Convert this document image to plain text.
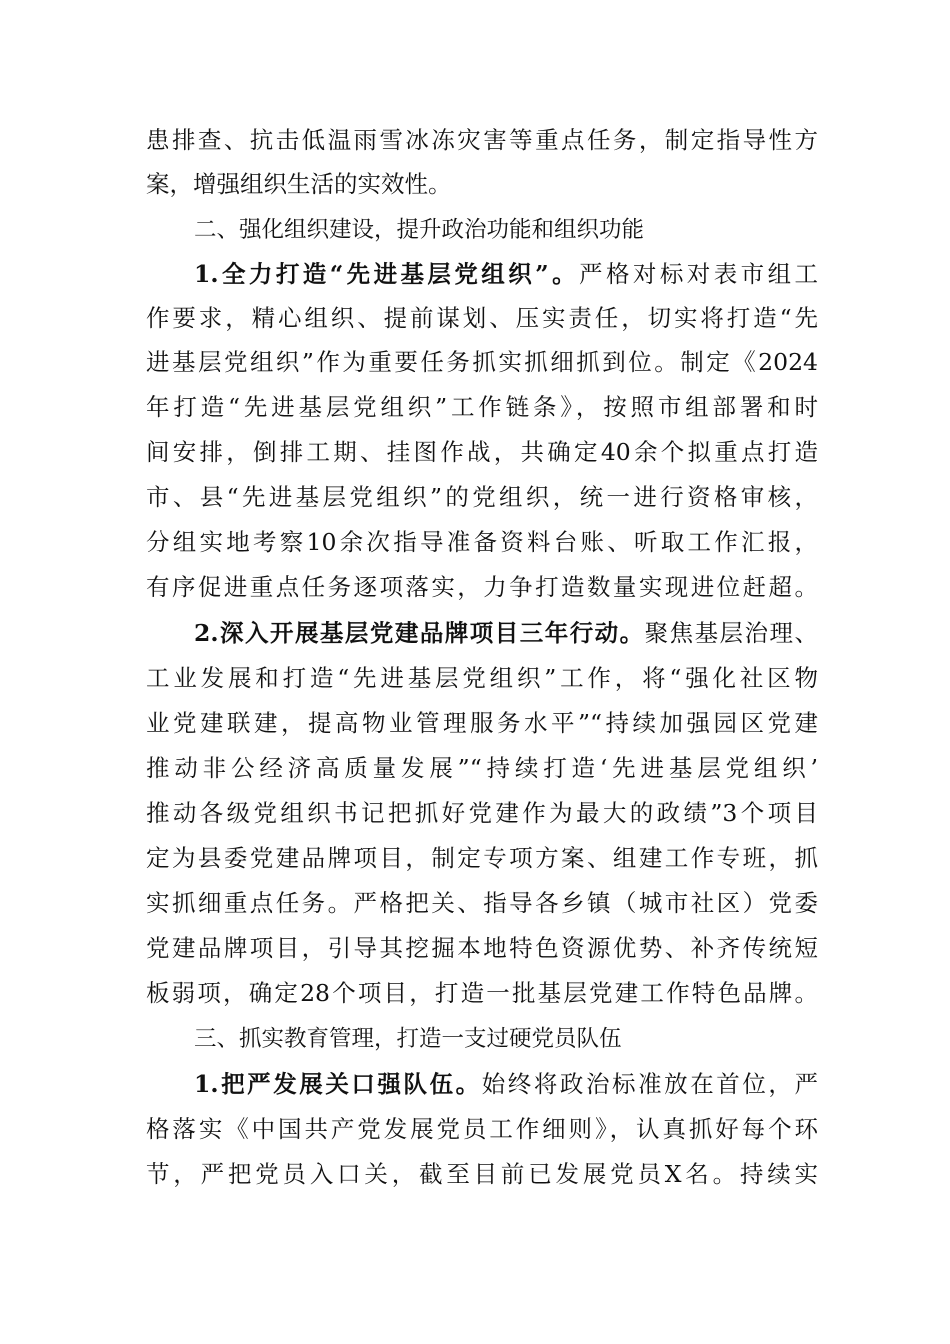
患排查、抗击低温雨雪冰冻灾害等重点任务，制定指导性方
案，增强组织生活的实效性。
二、强化组织建设，提升政治功能和组织功能
1.全力打造“先进基层党组织”。严格对标对表市组工
作要求，精心组织、提前谋划、压实责任，切实将打造“先
进基层党组织”作为重要任务抓实抓细抓到位。制定《2024
年打造“先进基层党组织”工作链条》，按照市组部署和时
间安排，倒排工期、挂图作战，共确定40余个拟重点打造
市、县“先进基层党组织”的党组织，统一进行资格审核，
分组实地考察10余次指导准备资料台账、听取工作汇报，
有序促进重点任务逐项落实，力争打造数量实现进位赶超。
2.深入开展基层党建品牌项目三年行动。聚焦基层治理、
工业发展和打造“先进基层党组织”工作，将“强化社区物
业党建联建，提高物业管理服务水平”“持续加强园区党建
推动非公经济高质量发展”“持续打造‘先进基层党组织’
推动各级党组织书记把抓好党建作为最大的政绩”3个项目
定为县委党建品牌项目，制定专项方案、组建工作专班，抓
实抓细重点任务。严格把关、指导各乡镇（城市社区）党委
党建品牌项目，引导其挖掘本地特色资源优势、补齐传统短
板弱项，确定28个项目，打造一批基层党建工作特色品牌。
三、抓实教育管理，打造一支过硬党员队伍
1.把严发展关口强队伍。始终将政治标准放在首位，严
格落实《中国共产党发展党员工作细则》，认真抓好每个环
节，严把党员入口关，截至目前已发展党员X名。持续实
